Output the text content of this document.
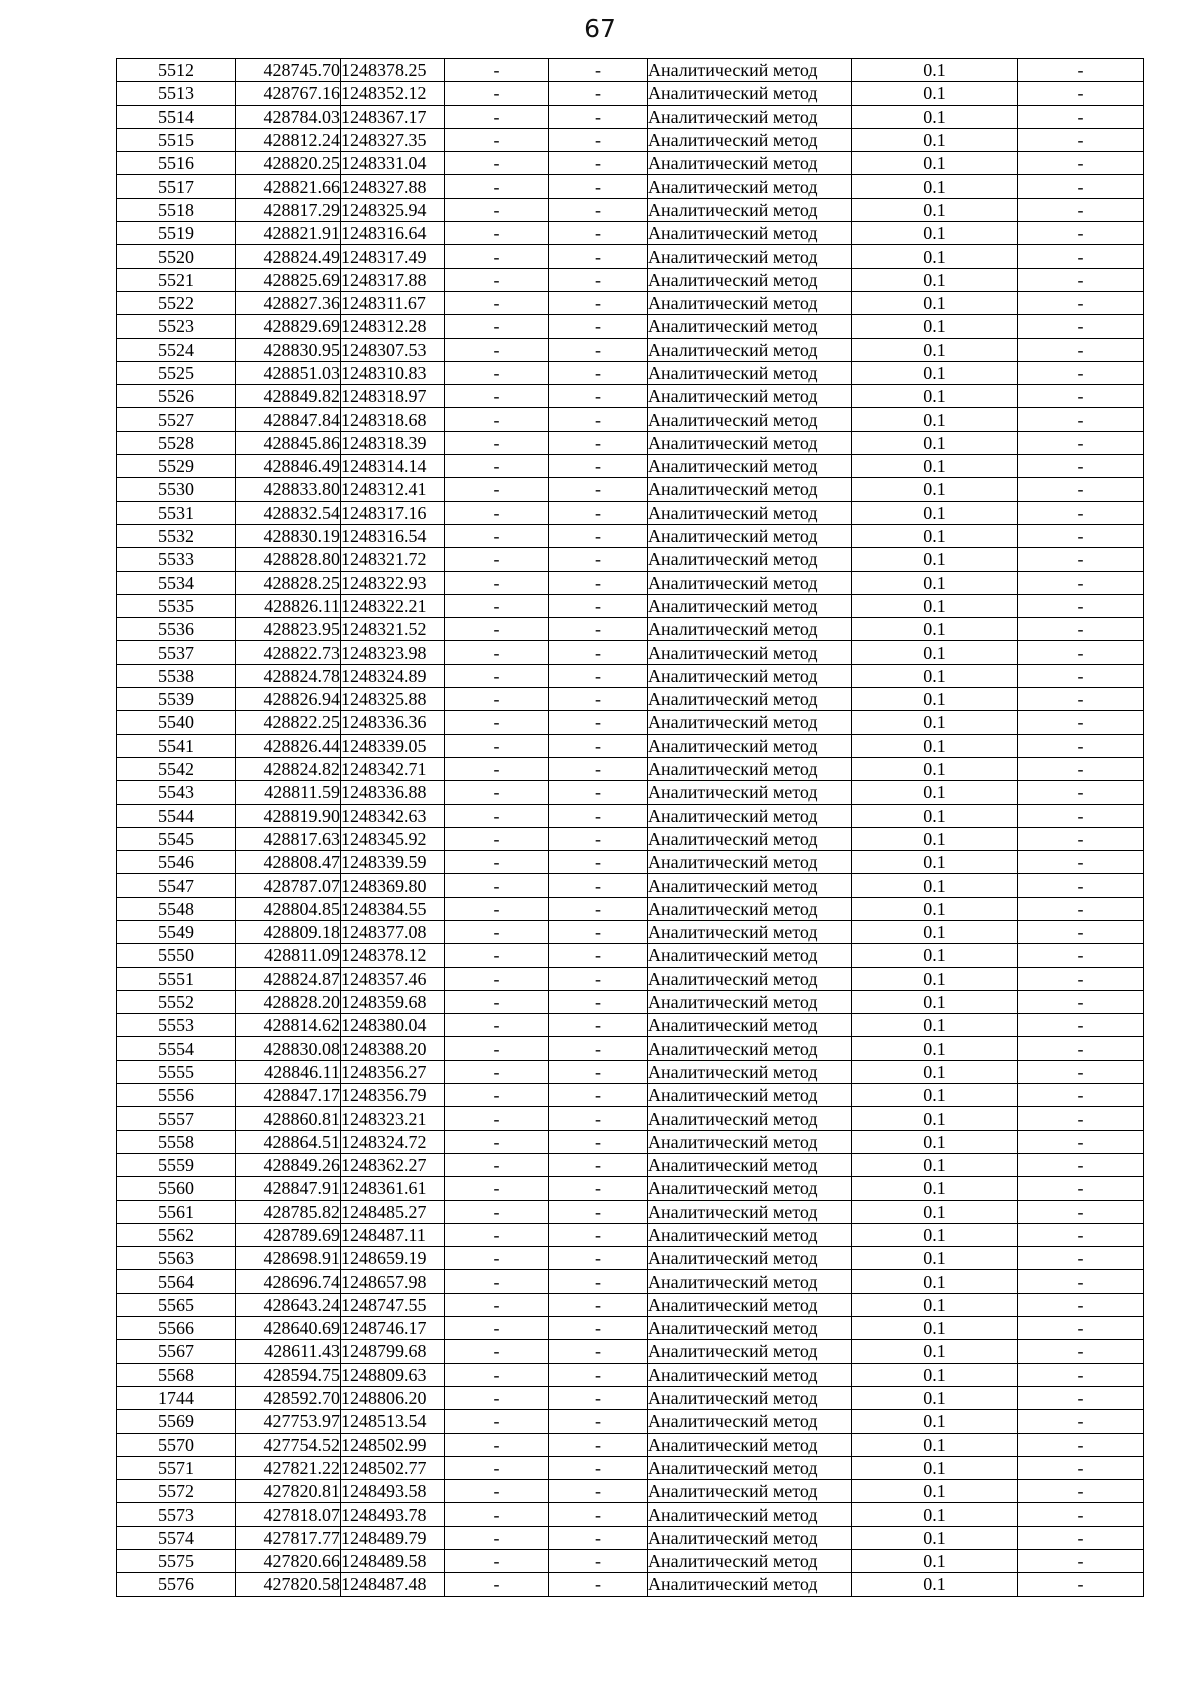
67
5512	428745.70	1248378.25	-	-	Аналитический метод	0.1	-
5513	428767.16	1248352.12	-	-	Аналитический метод	0.1	-
5514	428784.03	1248367.17	-	-	Аналитический метод	0.1	-
5515	428812.24	1248327.35	-	-	Аналитический метод	0.1	-
5516	428820.25	1248331.04	-	-	Аналитический метод	0.1	-
5517	428821.66	1248327.88	-	-	Аналитический метод	0.1	-
5518	428817.29	1248325.94	-	-	Аналитический метод	0.1	-
5519	428821.91	1248316.64	-	-	Аналитический метод	0.1	-
5520	428824.49	1248317.49	-	-	Аналитический метод	0.1	-
5521	428825.69	1248317.88	-	-	Аналитический метод	0.1	-
5522	428827.36	1248311.67	-	-	Аналитический метод	0.1	-
5523	428829.69	1248312.28	-	-	Аналитический метод	0.1	-
5524	428830.95	1248307.53	-	-	Аналитический метод	0.1	-
5525	428851.03	1248310.83	-	-	Аналитический метод	0.1	-
5526	428849.82	1248318.97	-	-	Аналитический метод	0.1	-
5527	428847.84	1248318.68	-	-	Аналитический метод	0.1	-
5528	428845.86	1248318.39	-	-	Аналитический метод	0.1	-
5529	428846.49	1248314.14	-	-	Аналитический метод	0.1	-
5530	428833.80	1248312.41	-	-	Аналитический метод	0.1	-
5531	428832.54	1248317.16	-	-	Аналитический метод	0.1	-
5532	428830.19	1248316.54	-	-	Аналитический метод	0.1	-
5533	428828.80	1248321.72	-	-	Аналитический метод	0.1	-
5534	428828.25	1248322.93	-	-	Аналитический метод	0.1	-
5535	428826.11	1248322.21	-	-	Аналитический метод	0.1	-
5536	428823.95	1248321.52	-	-	Аналитический метод	0.1	-
5537	428822.73	1248323.98	-	-	Аналитический метод	0.1	-
5538	428824.78	1248324.89	-	-	Аналитический метод	0.1	-
5539	428826.94	1248325.88	-	-	Аналитический метод	0.1	-
5540	428822.25	1248336.36	-	-	Аналитический метод	0.1	-
5541	428826.44	1248339.05	-	-	Аналитический метод	0.1	-
5542	428824.82	1248342.71	-	-	Аналитический метод	0.1	-
5543	428811.59	1248336.88	-	-	Аналитический метод	0.1	-
5544	428819.90	1248342.63	-	-	Аналитический метод	0.1	-
5545	428817.63	1248345.92	-	-	Аналитический метод	0.1	-
5546	428808.47	1248339.59	-	-	Аналитический метод	0.1	-
5547	428787.07	1248369.80	-	-	Аналитический метод	0.1	-
5548	428804.85	1248384.55	-	-	Аналитический метод	0.1	-
5549	428809.18	1248377.08	-	-	Аналитический метод	0.1	-
5550	428811.09	1248378.12	-	-	Аналитический метод	0.1	-
5551	428824.87	1248357.46	-	-	Аналитический метод	0.1	-
5552	428828.20	1248359.68	-	-	Аналитический метод	0.1	-
5553	428814.62	1248380.04	-	-	Аналитический метод	0.1	-
5554	428830.08	1248388.20	-	-	Аналитический метод	0.1	-
5555	428846.11	1248356.27	-	-	Аналитический метод	0.1	-
5556	428847.17	1248356.79	-	-	Аналитический метод	0.1	-
5557	428860.81	1248323.21	-	-	Аналитический метод	0.1	-
5558	428864.51	1248324.72	-	-	Аналитический метод	0.1	-
5559	428849.26	1248362.27	-	-	Аналитический метод	0.1	-
5560	428847.91	1248361.61	-	-	Аналитический метод	0.1	-
5561	428785.82	1248485.27	-	-	Аналитический метод	0.1	-
5562	428789.69	1248487.11	-	-	Аналитический метод	0.1	-
5563	428698.91	1248659.19	-	-	Аналитический метод	0.1	-
5564	428696.74	1248657.98	-	-	Аналитический метод	0.1	-
5565	428643.24	1248747.55	-	-	Аналитический метод	0.1	-
5566	428640.69	1248746.17	-	-	Аналитический метод	0.1	-
5567	428611.43	1248799.68	-	-	Аналитический метод	0.1	-
5568	428594.75	1248809.63	-	-	Аналитический метод	0.1	-
1744	428592.70	1248806.20	-	-	Аналитический метод	0.1	-
5569	427753.97	1248513.54	-	-	Аналитический метод	0.1	-
5570	427754.52	1248502.99	-	-	Аналитический метод	0.1	-
5571	427821.22	1248502.77	-	-	Аналитический метод	0.1	-
5572	427820.81	1248493.58	-	-	Аналитический метод	0.1	-
5573	427818.07	1248493.78	-	-	Аналитический метод	0.1	-
5574	427817.77	1248489.79	-	-	Аналитический метод	0.1	-
5575	427820.66	1248489.58	-	-	Аналитический метод	0.1	-
5576	427820.58	1248487.48	-	-	Аналитический метод	0.1	-
